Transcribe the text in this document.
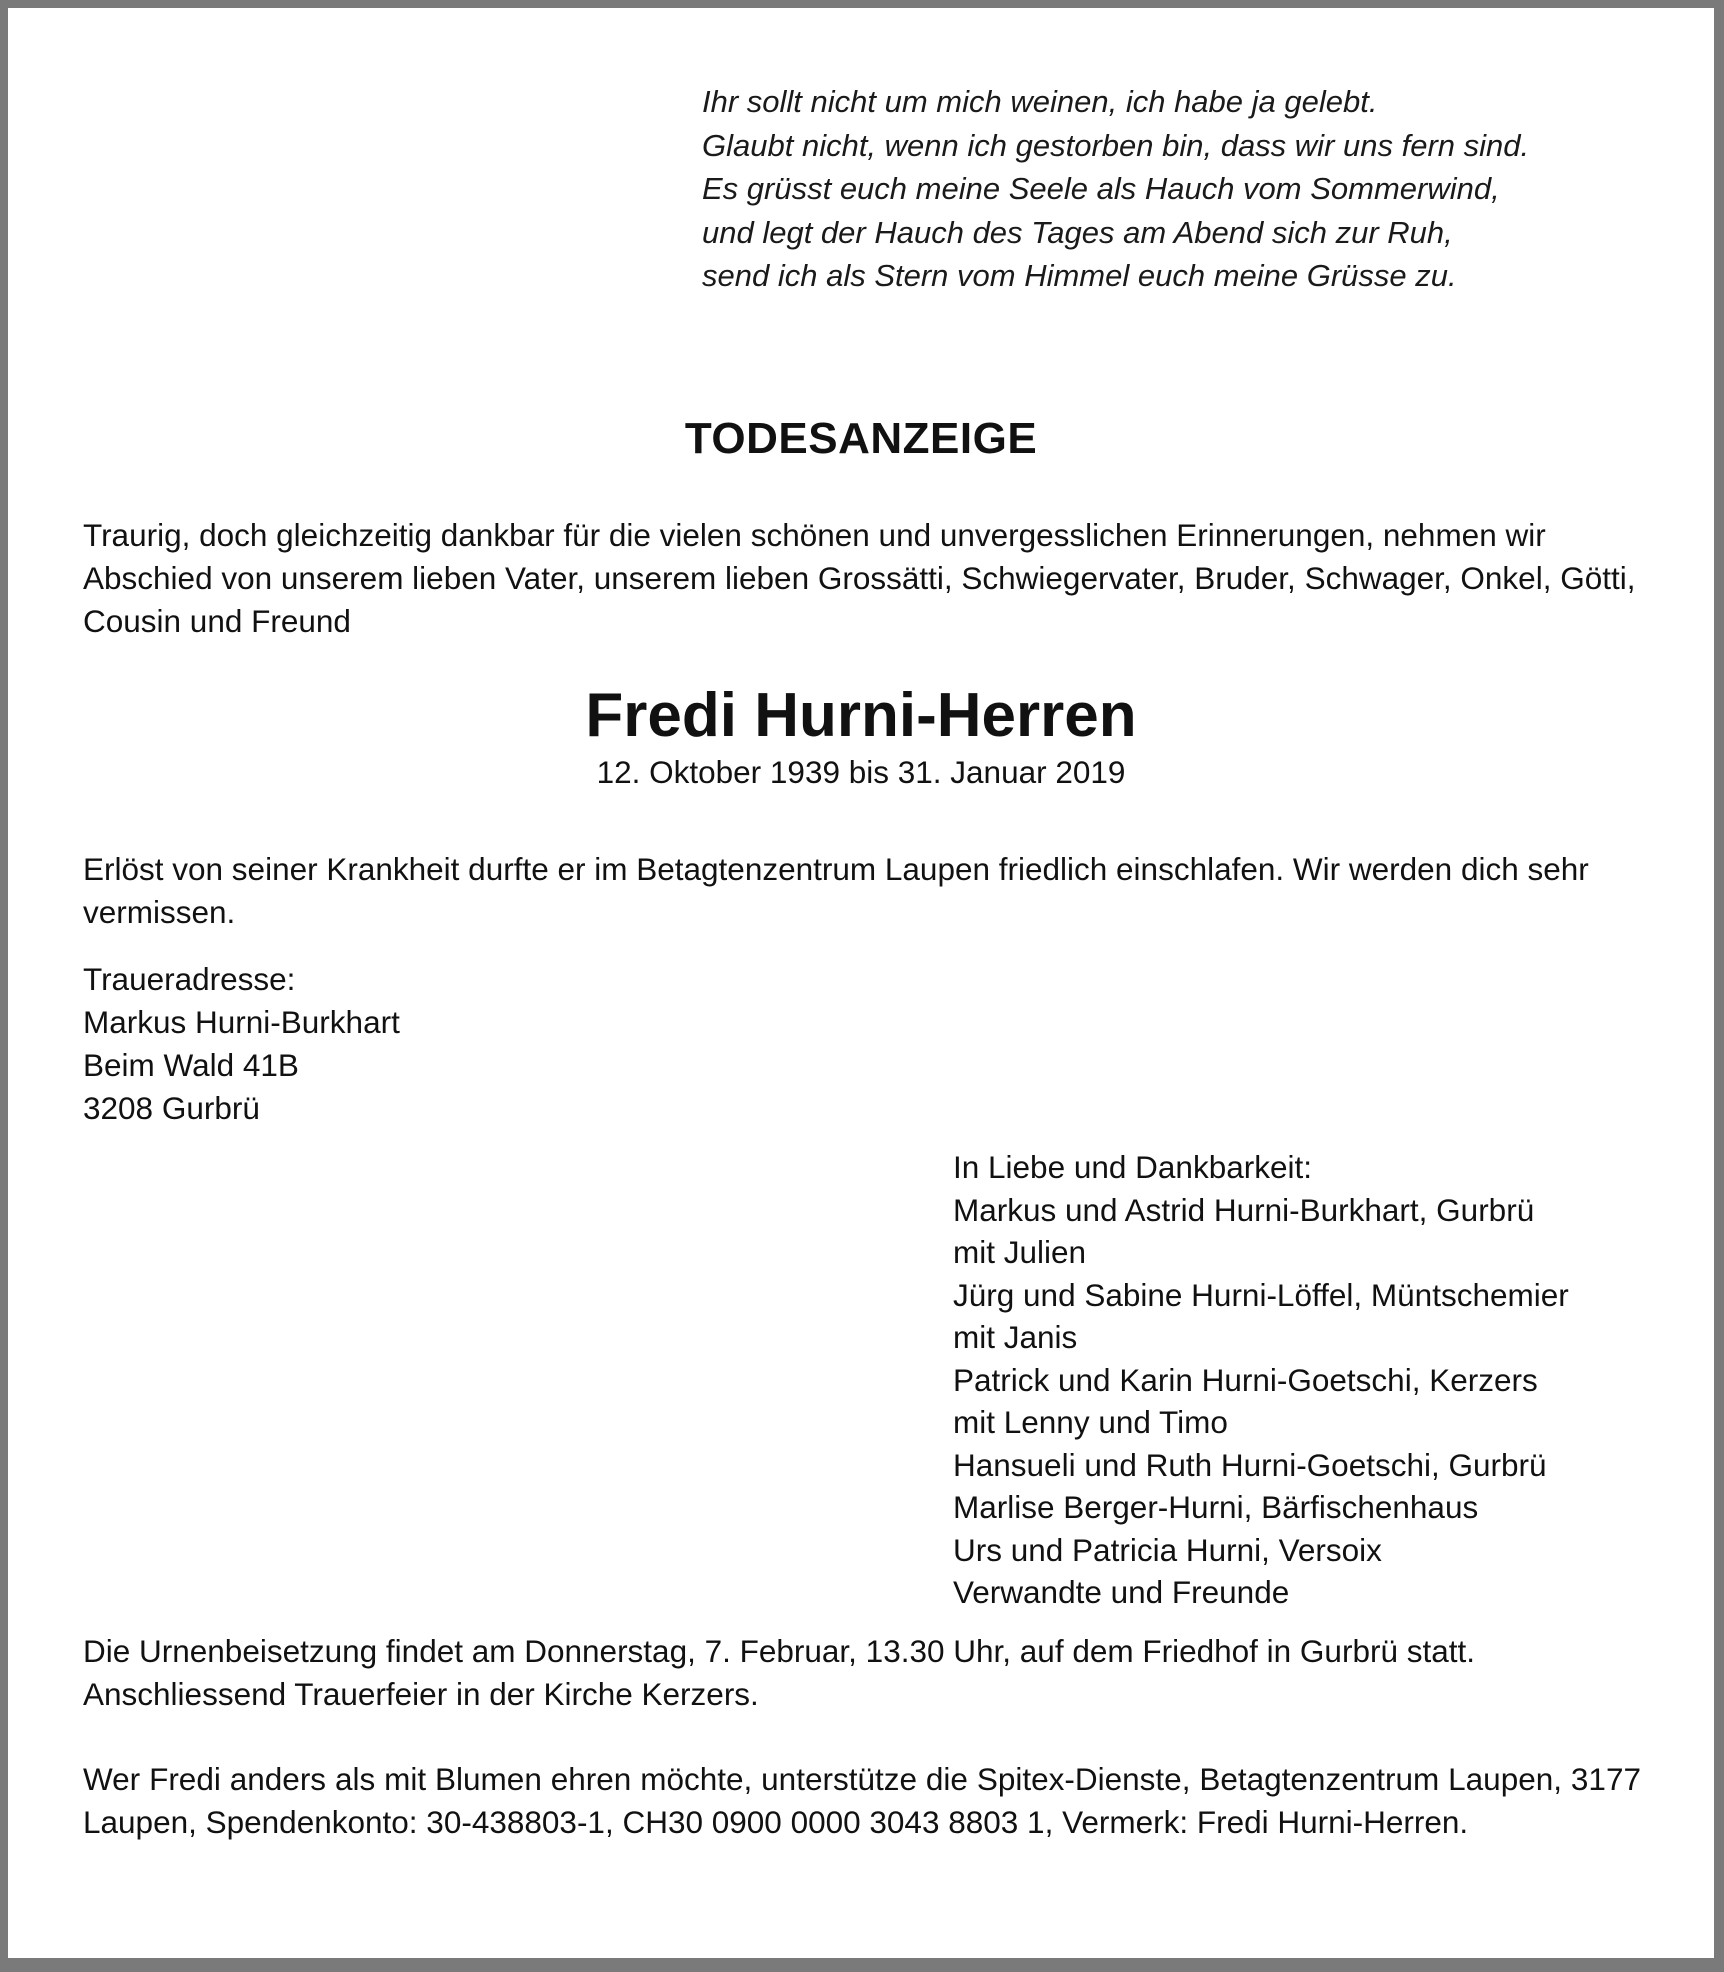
Ihr sollt nicht um mich weinen, ich habe ja gelebt.
Glaubt nicht, wenn ich gestorben bin, dass wir uns fern sind.
Es grüsst euch meine Seele als Hauch vom Sommerwind,
und legt der Hauch des Tages am Abend sich zur Ruh,
send ich als Stern vom Himmel euch meine Grüsse zu.
TODESANZEIGE
Traurig, doch gleichzeitig dankbar für die vielen schönen und unvergesslichen Erinnerungen, nehmen wir Abschied von unserem lieben Vater, unserem lieben Grossätti, Schwiegervater, Bruder, Schwager, Onkel, Götti, Cousin und Freund
Fredi Hurni-Herren
12. Oktober 1939 bis 31. Januar 2019
Erlöst von seiner Krankheit durfte er im Betagtenzentrum Laupen friedlich einschlafen. Wir werden dich sehr vermissen.
Traueradresse:
Markus Hurni-Burkhart
Beim Wald 41B
3208 Gurbrü
In Liebe und Dankbarkeit:
Markus und Astrid Hurni-Burkhart, Gurbrü
mit Julien
Jürg und Sabine Hurni-Löffel, Müntschemier
mit Janis
Patrick und Karin Hurni-Goetschi, Kerzers
mit Lenny und Timo
Hansueli und Ruth Hurni-Goetschi, Gurbrü
Marlise Berger-Hurni, Bärfischenhaus
Urs und Patricia Hurni, Versoix
Verwandte und Freunde
Die Urnenbeisetzung findet am Donnerstag, 7. Februar, 13.30 Uhr, auf dem Friedhof in Gurbrü statt. Anschliessend Trauerfeier in der Kirche Kerzers.
Wer Fredi anders als mit Blumen ehren möchte, unterstütze die Spitex-Dienste, Betagtenzentrum Laupen, 3177 Laupen, Spendenkonto: 30-438803-1, CH30 0900 0000 3043 8803 1, Vermerk: Fredi Hurni-Herren.
